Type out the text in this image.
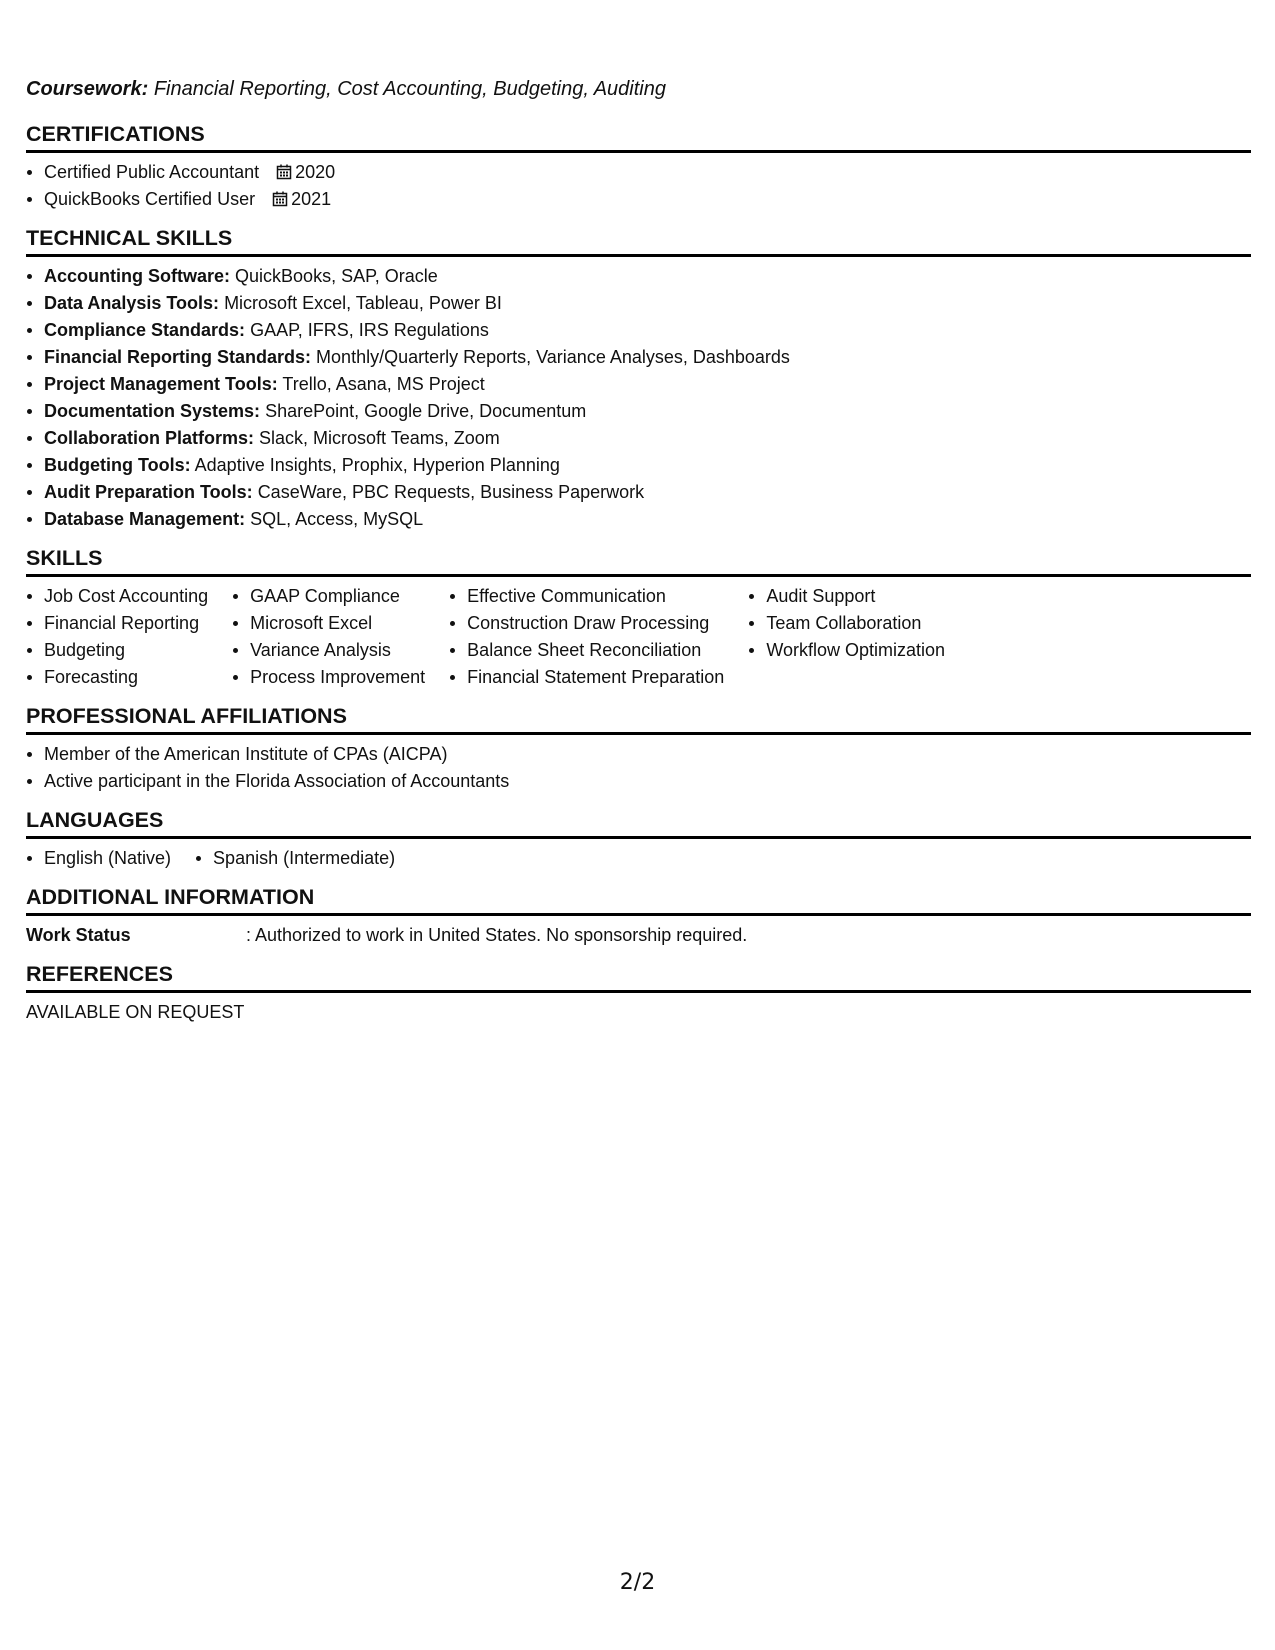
Coursework: Financial Reporting, Cost Accounting, Budgeting, Auditing

CERTIFICATIONS
• Certified Public Accountant 2020
• QuickBooks Certified User 2021
TECHNICAL SKILLS
• Accounting Software: QuickBooks, SAP, Oracle
• Data Analysis Tools: Microsoft Excel, Tableau, Power BI
• Compliance Standards: GAAP, IFRS, IRS Regulations
• Financial Reporting Standards: Monthly/Quarterly Reports, Variance Analyses, Dashboards
• Project Management Tools: Trello, Asana, MS Project
• Documentation Systems: SharePoint, Google Drive, Documentum
• Collaboration Platforms: Slack, Microsoft Teams, Zoom
• Budgeting Tools: Adaptive Insights, Prophix, Hyperion Planning
• Audit Preparation Tools: CaseWare, PBC Requests, Business Paperwork
• Database Management: SQL, Access, MySQL
SKILLS
• Job Cost Accounting
• Financial Reporting
• Budgeting
• Forecasting
• GAAP Compliance
• Microsoft Excel
• Variance Analysis
• Process Improvement
• Effective Communication
• Construction Draw Processing
• Balance Sheet Reconciliation
• Financial Statement Preparation
• Audit Support
• Team Collaboration
• Workflow Optimization
PROFESSIONAL AFFILIATIONS
• Member of the American Institute of CPAs (AICPA)
• Active participant in the Florida Association of Accountants
LANGUAGES
• English (Native)
• Spanish (Intermediate)
ADDITIONAL INFORMATION
Work Status	: Authorized to work in United States. No sponsorship required.
REFERENCES

AVAILABLE ON REQUEST

2/2
